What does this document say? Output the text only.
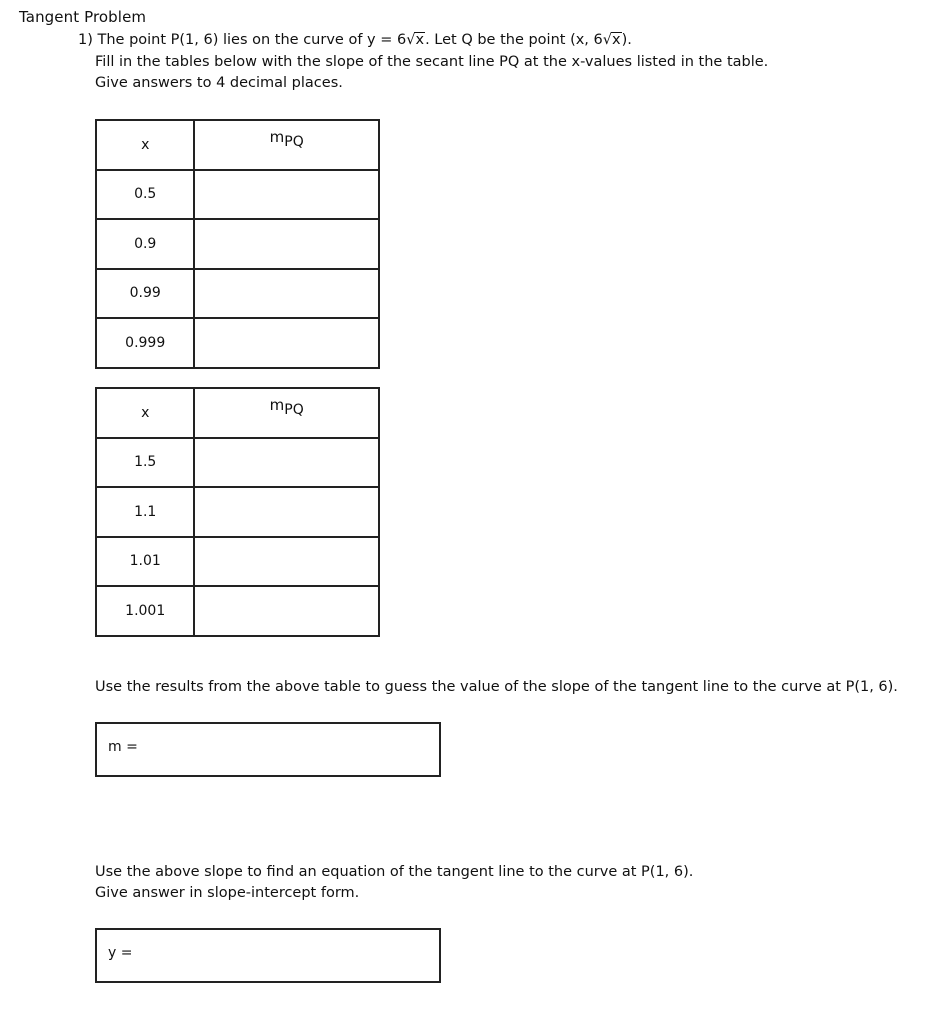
Tangent Problem
1) The point P(1, 6) lies on the curve of y = 6√x. Let Q be the point (x, 6√x).
Fill in the tables below with the slope of the secant line PQ at the x-values listed in the table.
Give answers to 4 decimal places.
x	$m_{PQ}$
0.5	
0.9	
0.99	
0.999	
x	$m_{PQ}$
1.5	
1.1	
1.01	
1.001	
Use the results from the above table to guess the value of the slope of the tangent line to the curve at P(1, 6).
m =
Use the above slope to find an equation of the tangent line to the curve at P(1, 6).
Give answer in slope-intercept form.
y =
